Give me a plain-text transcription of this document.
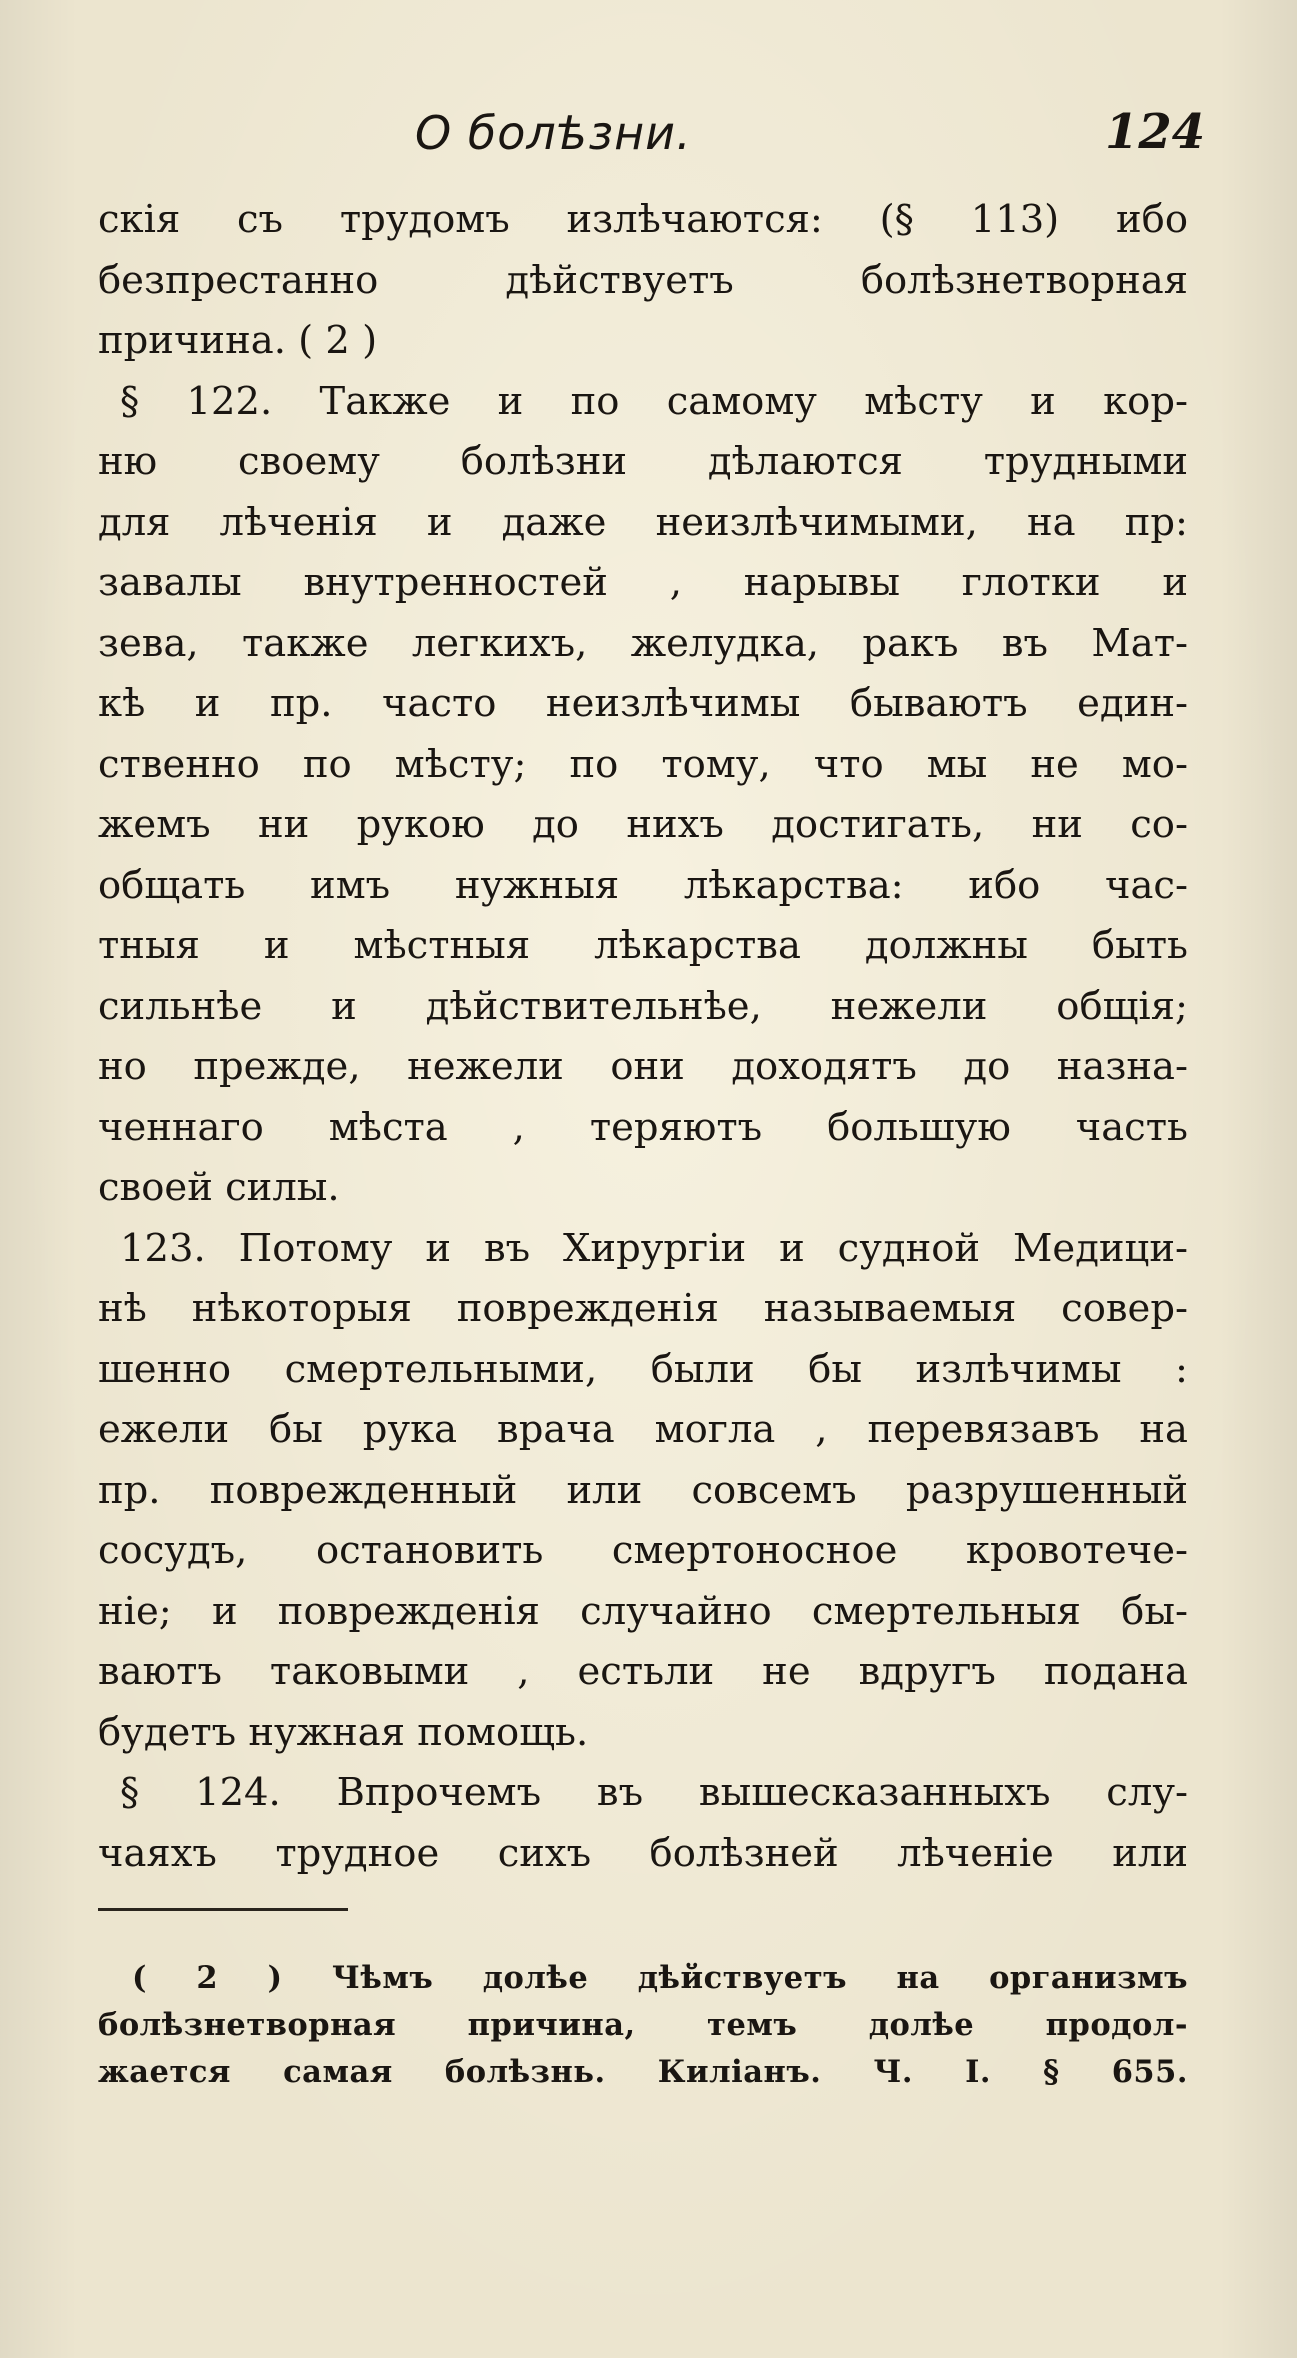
О болѣзни.	124
скія съ трудомъ излѣчаются: (§ 113) ибо
безпрестанно дѣйствуетъ болѣзнетворная
причина. ( 2 )
§ 122. Также и по самому мѣсту и кор-
ню своему болѣзни дѣлаются трудными
для лѣченія и даже неизлѣчимыми, на пр:
завалы внутренностей , нарывы глотки и
зева, также легкихъ, желудка, ракъ въ Мат-
кѣ и пр. часто неизлѣчимы бываютъ един-
ственно по мѣсту; по тому, что мы не мо-
жемъ ни рукою до нихъ достигать, ни со-
общать имъ нужныя лѣкарства: ибо час-
тныя и мѣстныя лѣкарства должны быть
сильнѣе и дѣйствительнѣе, нежели общія;
но прежде, нежели они доходятъ до назна-
ченнаго мѣста , теряютъ большую часть
своей силы.
123. Потому и въ Хирургіи и судной Медици-
нѣ нѣкоторыя поврежденія называемыя совер-
шенно смертельными, были бы излѣчимы :
ежели бы рука врача могла , перевязавъ на
пр. поврежденный или совсемъ разрушенный
сосудъ, остановить смертоносное кровотече-
ніе; и поврежденія случайно смертельныя бы-
ваютъ таковыми , естьли не вдругъ подана
будетъ нужная помощь.
§ 124. Впрочемъ въ вышесказанныхъ слу-
чаяхъ трудное сихъ болѣзней лѣченіе или
( 2 ) Чѣмъ долѣе дѣйствуетъ на организмъ
болѣзнетворная причина, темъ долѣе продол-
жается самая болѣзнь. Киліанъ. Ч. I. § 655.
